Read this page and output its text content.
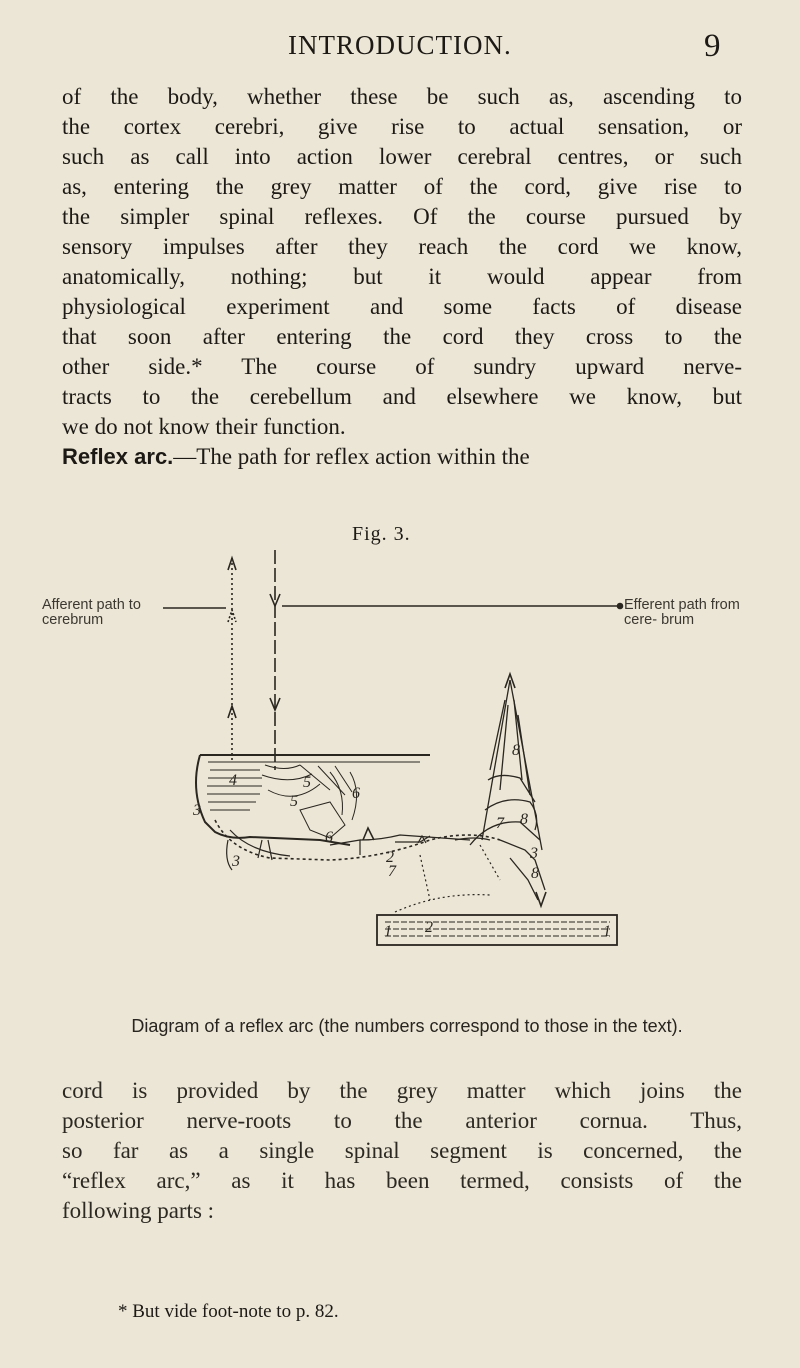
INTRODUCTION.	9
of the body, whether these be such as, ascending to
the cortex cerebri, give rise to actual sensation, or
such as call into action lower cerebral centres, or such
as, entering the grey matter of the cord, give rise to
the simpler spinal reflexes. Of the course pursued by
sensory impulses after they reach the cord we know,
anatomically, nothing; but it would appear from
physiological experiment and some facts of disease
that soon after entering the cord they cross to the
other side.* The course of sundry upward nerve-
tracts to the cerebellum and elsewhere we know, but
we do not know their function.
Reflex arc.—The path for reflex action within the
Fig. 3.
Afferent path to cerebrum
Efferent path from cere- brum
4	5
5	6
6
3
3	2
2
1	1
7
8
8
8
3
7
Diagram of a reflex arc (the numbers correspond to those in the text).
cord is provided by the grey matter which joins the
posterior nerve-roots to the anterior cornua. Thus,
so far as a single spinal segment is concerned, the
“reflex arc,” as it has been termed, consists of the
following parts :
* But vide foot-note to p. 82.
